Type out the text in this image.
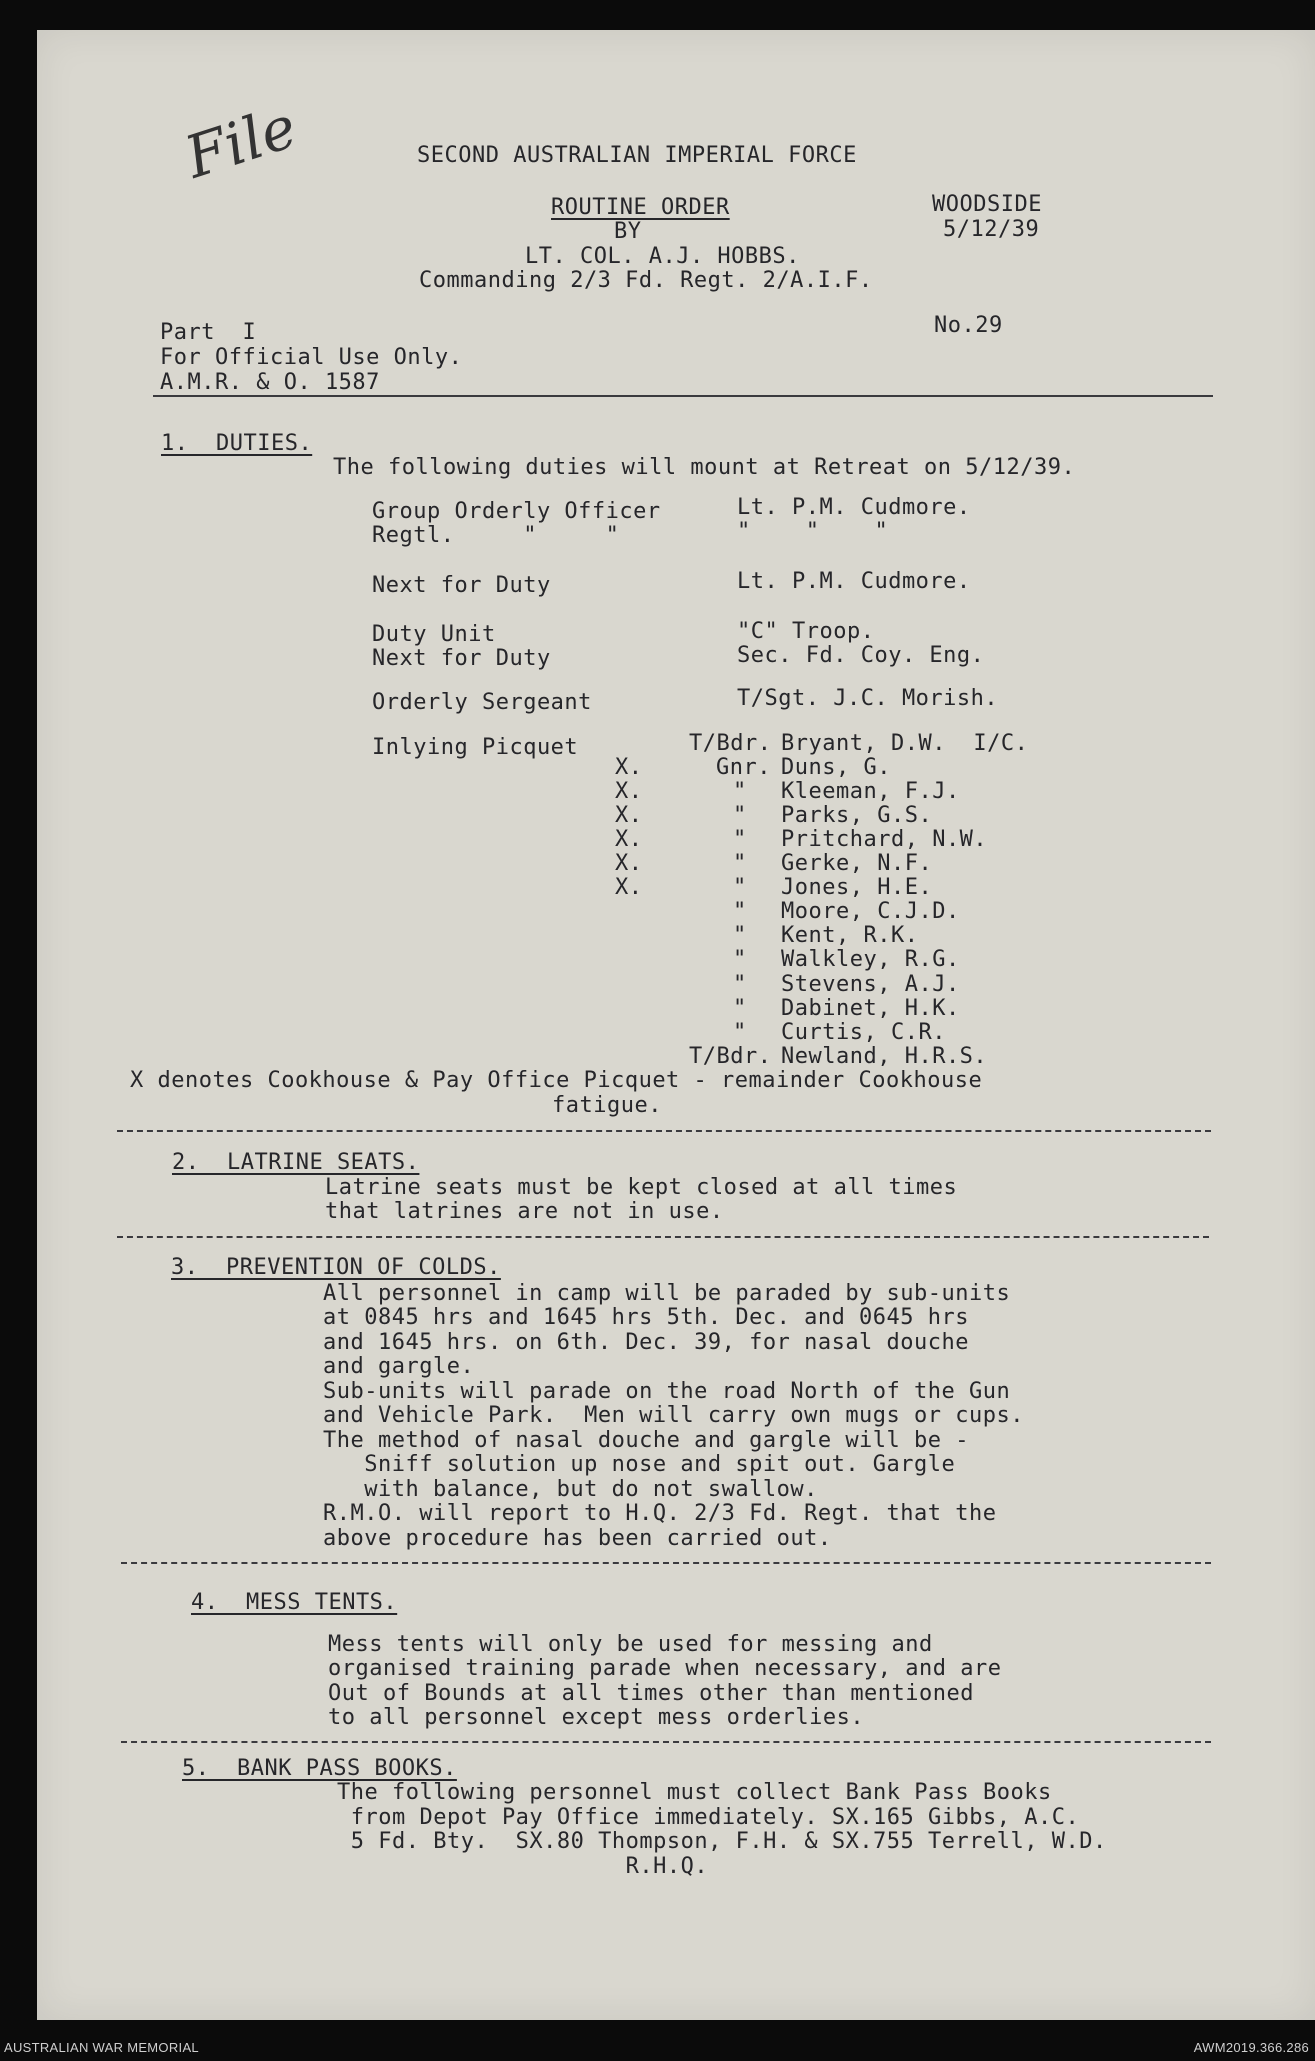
File	SECOND AUSTRALIAN IMPERIAL FORCE
ROUTINE ORDER
BY
LT. COL. A.J. HOBBS.
Commanding 2/3 Fd. Regt. 2/A.I.F.
WOODSIDE
5/12/39
Part  I	No.29
For Official Use Only.
A.M.R. & O. 1587
1.  DUTIES.
The following duties will mount at Retreat on 5/12/39.
Group Orderly Officer	Lt. P.M. Cudmore.
Regtl.     "     "	"    "    "
Next for Duty	Lt. P.M. Cudmore.
Duty Unit	"C" Troop.
Next for Duty	Sec. Fd. Coy. Eng.
Orderly Sergeant	T/Sgt. J.C. Morish.
Inlying Picquet	T/Bdr. Bryant, D.W.  I/C.
X.	Gnr. Duns, G.
X.	" Kleeman, F.J.
X.	" Parks, G.S.
X.	" Pritchard, N.W.
X.	" Gerke, N.F.
X.	" Jones, H.E.
" Moore, C.J.D.
" Kent, R.K.
" Walkley, R.G.
" Stevens, A.J.
" Dabinet, H.K.
" Curtis, C.R.
T/Bdr. Newland, H.R.S.
X denotes Cookhouse & Pay Office Picquet - remainder Cookhouse
fatigue.
2.  LATRINE SEATS.
Latrine seats must be kept closed at all times
that latrines are not in use.
3.  PREVENTION OF COLDS.
All personnel in camp will be paraded by sub-units
at 0845 hrs and 1645 hrs 5th. Dec. and 0645 hrs
and 1645 hrs. on 6th. Dec. 39, for nasal douche
and gargle.
Sub-units will parade on the road North of the Gun
and Vehicle Park.  Men will carry own mugs or cups.
The method of nasal douche and gargle will be -
Sniff solution up nose and spit out. Gargle
with balance, but do not swallow.
R.M.O. will report to H.Q. 2/3 Fd. Regt. that the
above procedure has been carried out.
4.  MESS TENTS.
Mess tents will only be used for messing and
organised training parade when necessary, and are
Out of Bounds at all times other than mentioned
to all personnel except mess orderlies.
5.  BANK PASS BOOKS.
The following personnel must collect Bank Pass Books
from Depot Pay Office immediately. SX.165 Gibbs, A.C.
5 Fd. Bty.  SX.80 Thompson, F.H. & SX.755 Terrell, W.D.
R.H.Q.
AUSTRALIAN WAR MEMORIAL	AWM2019.366.286
